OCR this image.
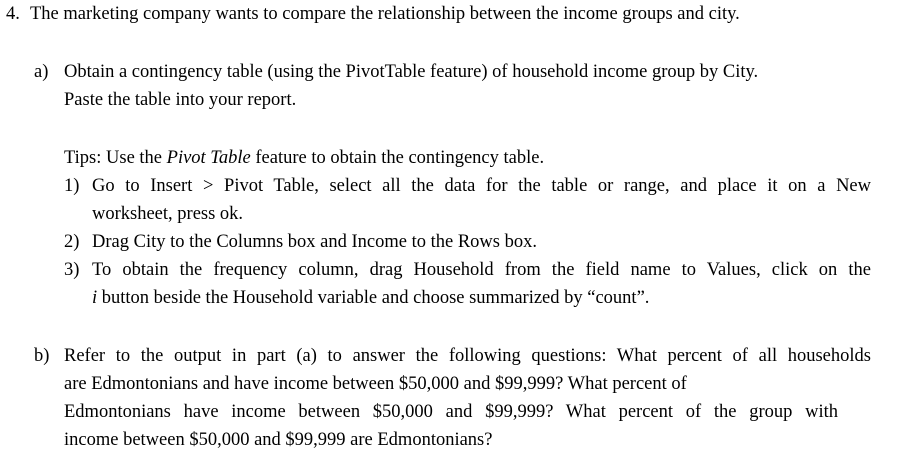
4. The marketing company wants to compare the relationship between the income groups and city.
a) Obtain a contingency table (using the PivotTable feature) of household income group by City.
Paste the table into your report.
Tips: Use the Pivot Table feature to obtain the contingency table.
1) Go to Insert > Pivot Table, select all the data for the table or range, and place it on a New
worksheet, press ok.
2) Drag City to the Columns box and Income to the Rows box.
3) To obtain the frequency column, drag Household from the field name to Values, click on the
i button beside the Household variable and choose summarized by “count”.
b) Refer to the output in part (a) to answer the following questions: What percent of all households
are Edmontonians and have income between $50,000 and $99,999? What percent of
Edmontonians have income between $50,000 and $99,999? What percent of the group with
income between $50,000 and $99,999 are Edmontonians?
